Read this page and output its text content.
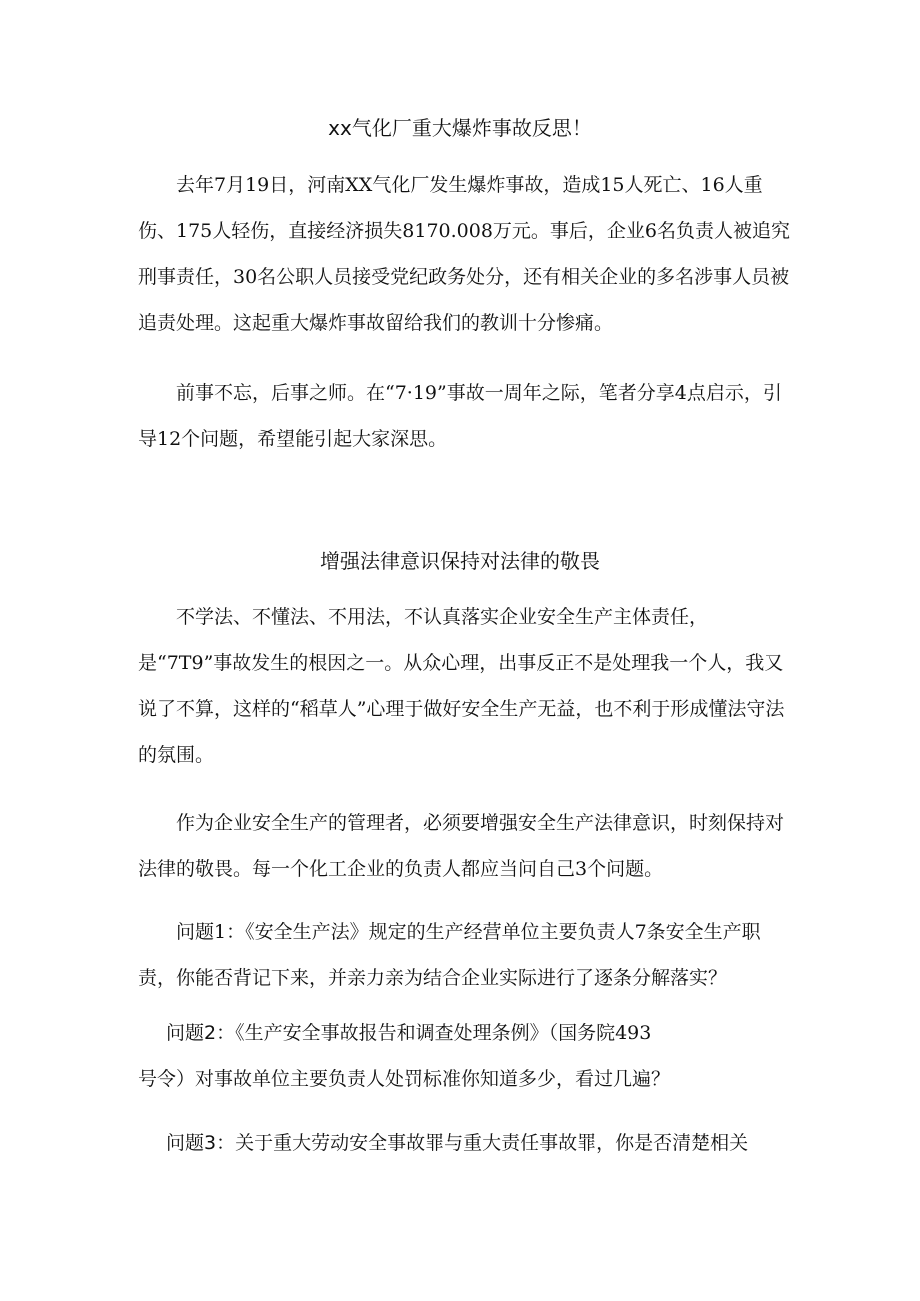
xx气化厂重大爆炸事故反思！

去年7月19日，河南XX气化厂发生爆炸事故，造成15人死亡、16人重伤、175人轻伤，直接经济损失8170.008万元。事后，企业6名负责人被追究刑事责任，30名公职人员接受党纪政务处分，还有相关企业的多名涉事人员被追责处理。这起重大爆炸事故留给我们的教训十分惨痛。

前事不忘，后事之师。在“7·19”事故一周年之际，笔者分享4点启示，引导12个问题，希望能引起大家深思。

增强法律意识保持对法律的敬畏

不学法、不懂法、不用法，不认真落实企业安全生产主体责任，是“7T9”事故发生的根因之一。从众心理，出事反正不是处理我一个人，我又说了不算，这样的“稻草人”心理于做好安全生产无益，也不利于形成懂法守法的氛围。

作为企业安全生产的管理者，必须要增强安全生产法律意识，时刻保持对法律的敬畏。每一个化工企业的负责人都应当问自己3个问题。

问题1：《安全生产法》规定的生产经营单位主要负责人7条安全生产职责，你能否背记下来，并亲力亲为结合企业实际进行了逐条分解落实？

问题2：《生产安全事故报告和调查处理条例》（国务院493
号令）对事故单位主要负责人处罚标准你知道多少，看过几遍？
问题3：关于重大劳动安全事故罪与重大责任事故罪，你是否清楚相关
